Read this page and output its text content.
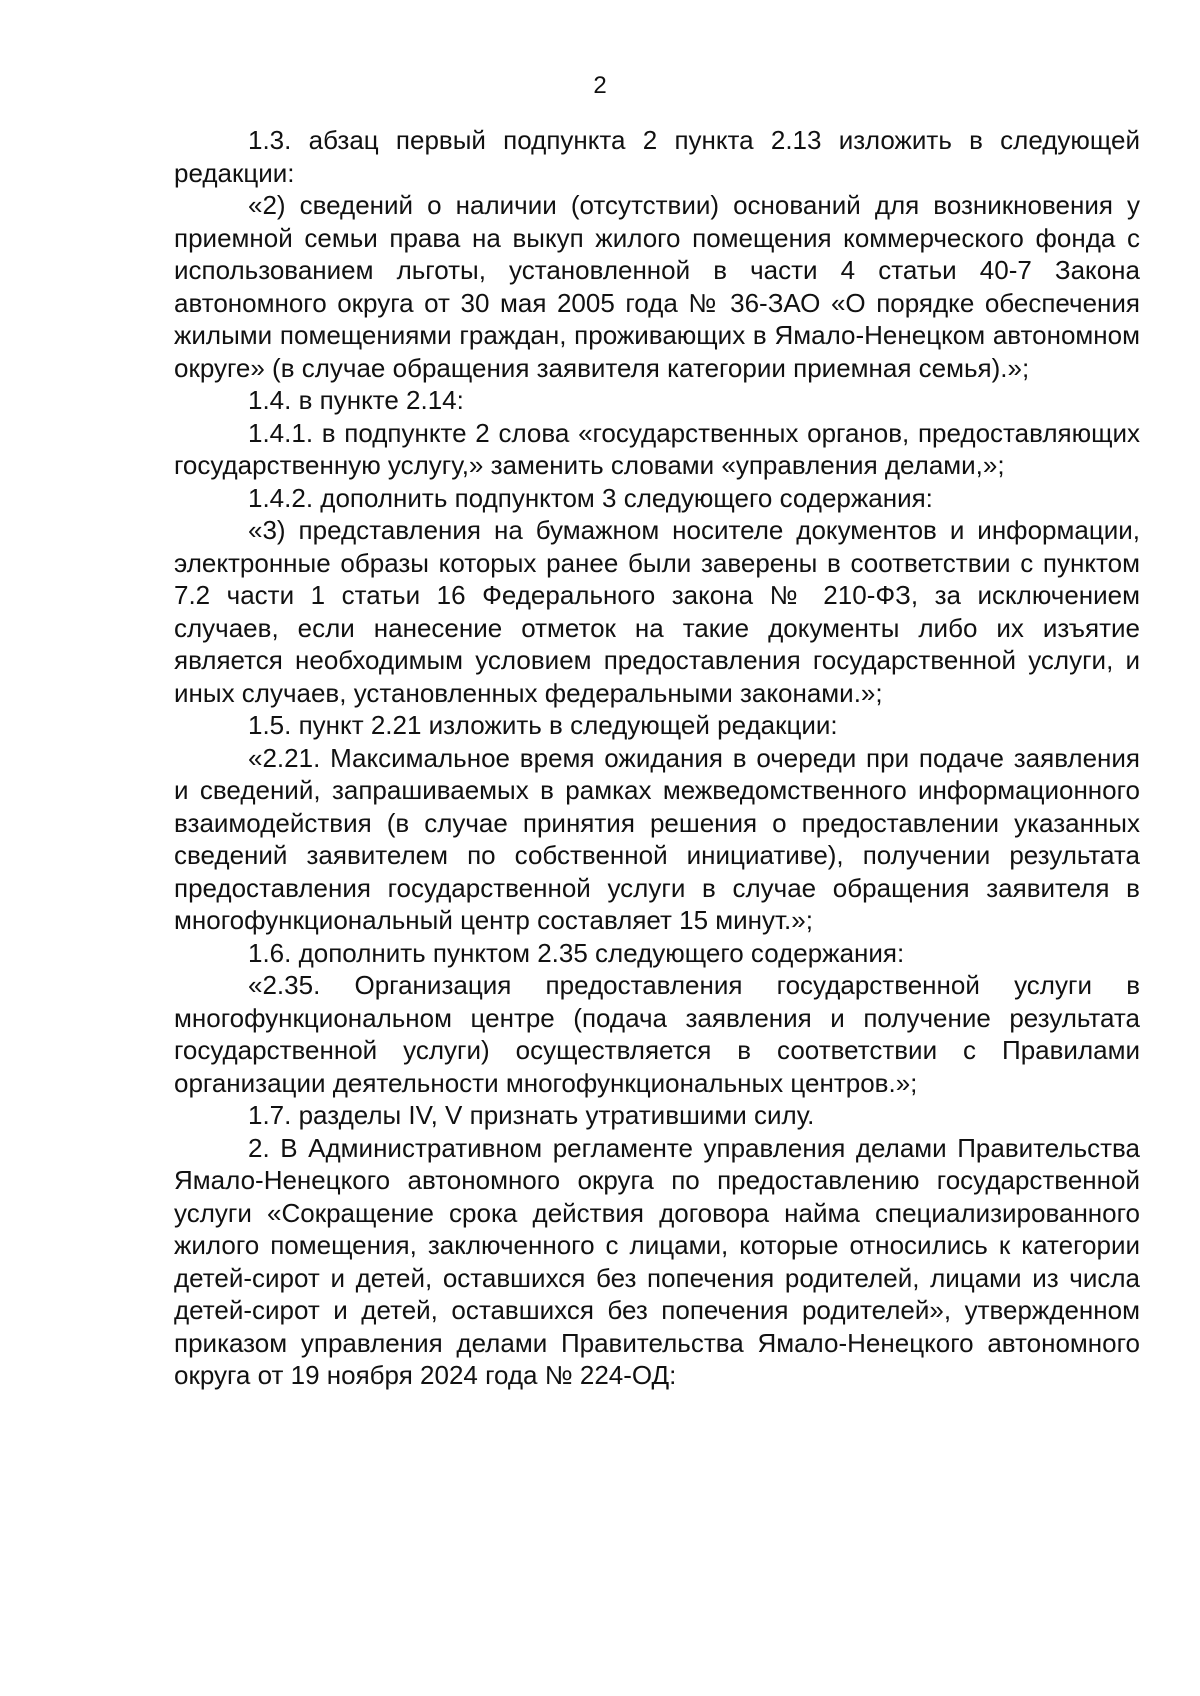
2

1.3. абзац первый подпункта 2 пункта 2.13 изложить в следующей редакции:

«2) сведений о наличии (отсутствии) оснований для возникновения у приемной семьи права на выкуп жилого помещения коммерческого фонда с использованием льготы, установленной в части 4 статьи 40-7 Закона автономного округа от 30 мая 2005 года № 36-ЗАО «О порядке обеспечения жилыми помещениями граждан, проживающих в Ямало-Ненецком автономном округе» (в случае обращения заявителя категории приемная семья).»;

1.4. в пункте 2.14:

1.4.1. в подпункте 2 слова «государственных органов, предоставляющих государственную услугу,» заменить словами «управления делами,»;

1.4.2. дополнить подпунктом 3 следующего содержания:

«3) представления на бумажном носителе документов и информации, электронные образы которых ранее были заверены в соответствии с пунктом 7.2 части 1 статьи 16 Федерального закона № 210-ФЗ, за исключением случаев, если нанесение отметок на такие документы либо их изъятие является необходимым условием предоставления государственной услуги, и иных случаев, установленных федеральными законами.»;

1.5. пункт 2.21 изложить в следующей редакции:

«2.21. Максимальное время ожидания в очереди при подаче заявления и сведений, запрашиваемых в рамках межведомственного информационного взаимодействия (в случае принятия решения о предоставлении указанных сведений заявителем по собственной инициативе), получении результата предоставления государственной услуги в случае обращения заявителя в многофункциональный центр составляет 15 минут.»;

1.6. дополнить пунктом 2.35 следующего содержания:

«2.35. Организация предоставления государственной услуги в многофункциональном центре (подача заявления и получение результата государственной услуги) осуществляется в соответствии с Правилами организации деятельности многофункциональных центров.»;

1.7. разделы IV, V признать утратившими силу.

2. В Административном регламенте управления делами Правительства Ямало-Ненецкого автономного округа по предоставлению государственной услуги «Сокращение срока действия договора найма специализированного жилого помещения, заключенного с лицами, которые относились к категории детей-сирот и детей, оставшихся без попечения родителей, лицами из числа детей-сирот и детей, оставшихся без попечения родителей», утвержденном приказом управления делами Правительства Ямало-Ненецкого автономного округа от 19 ноября 2024 года № 224-ОД:
